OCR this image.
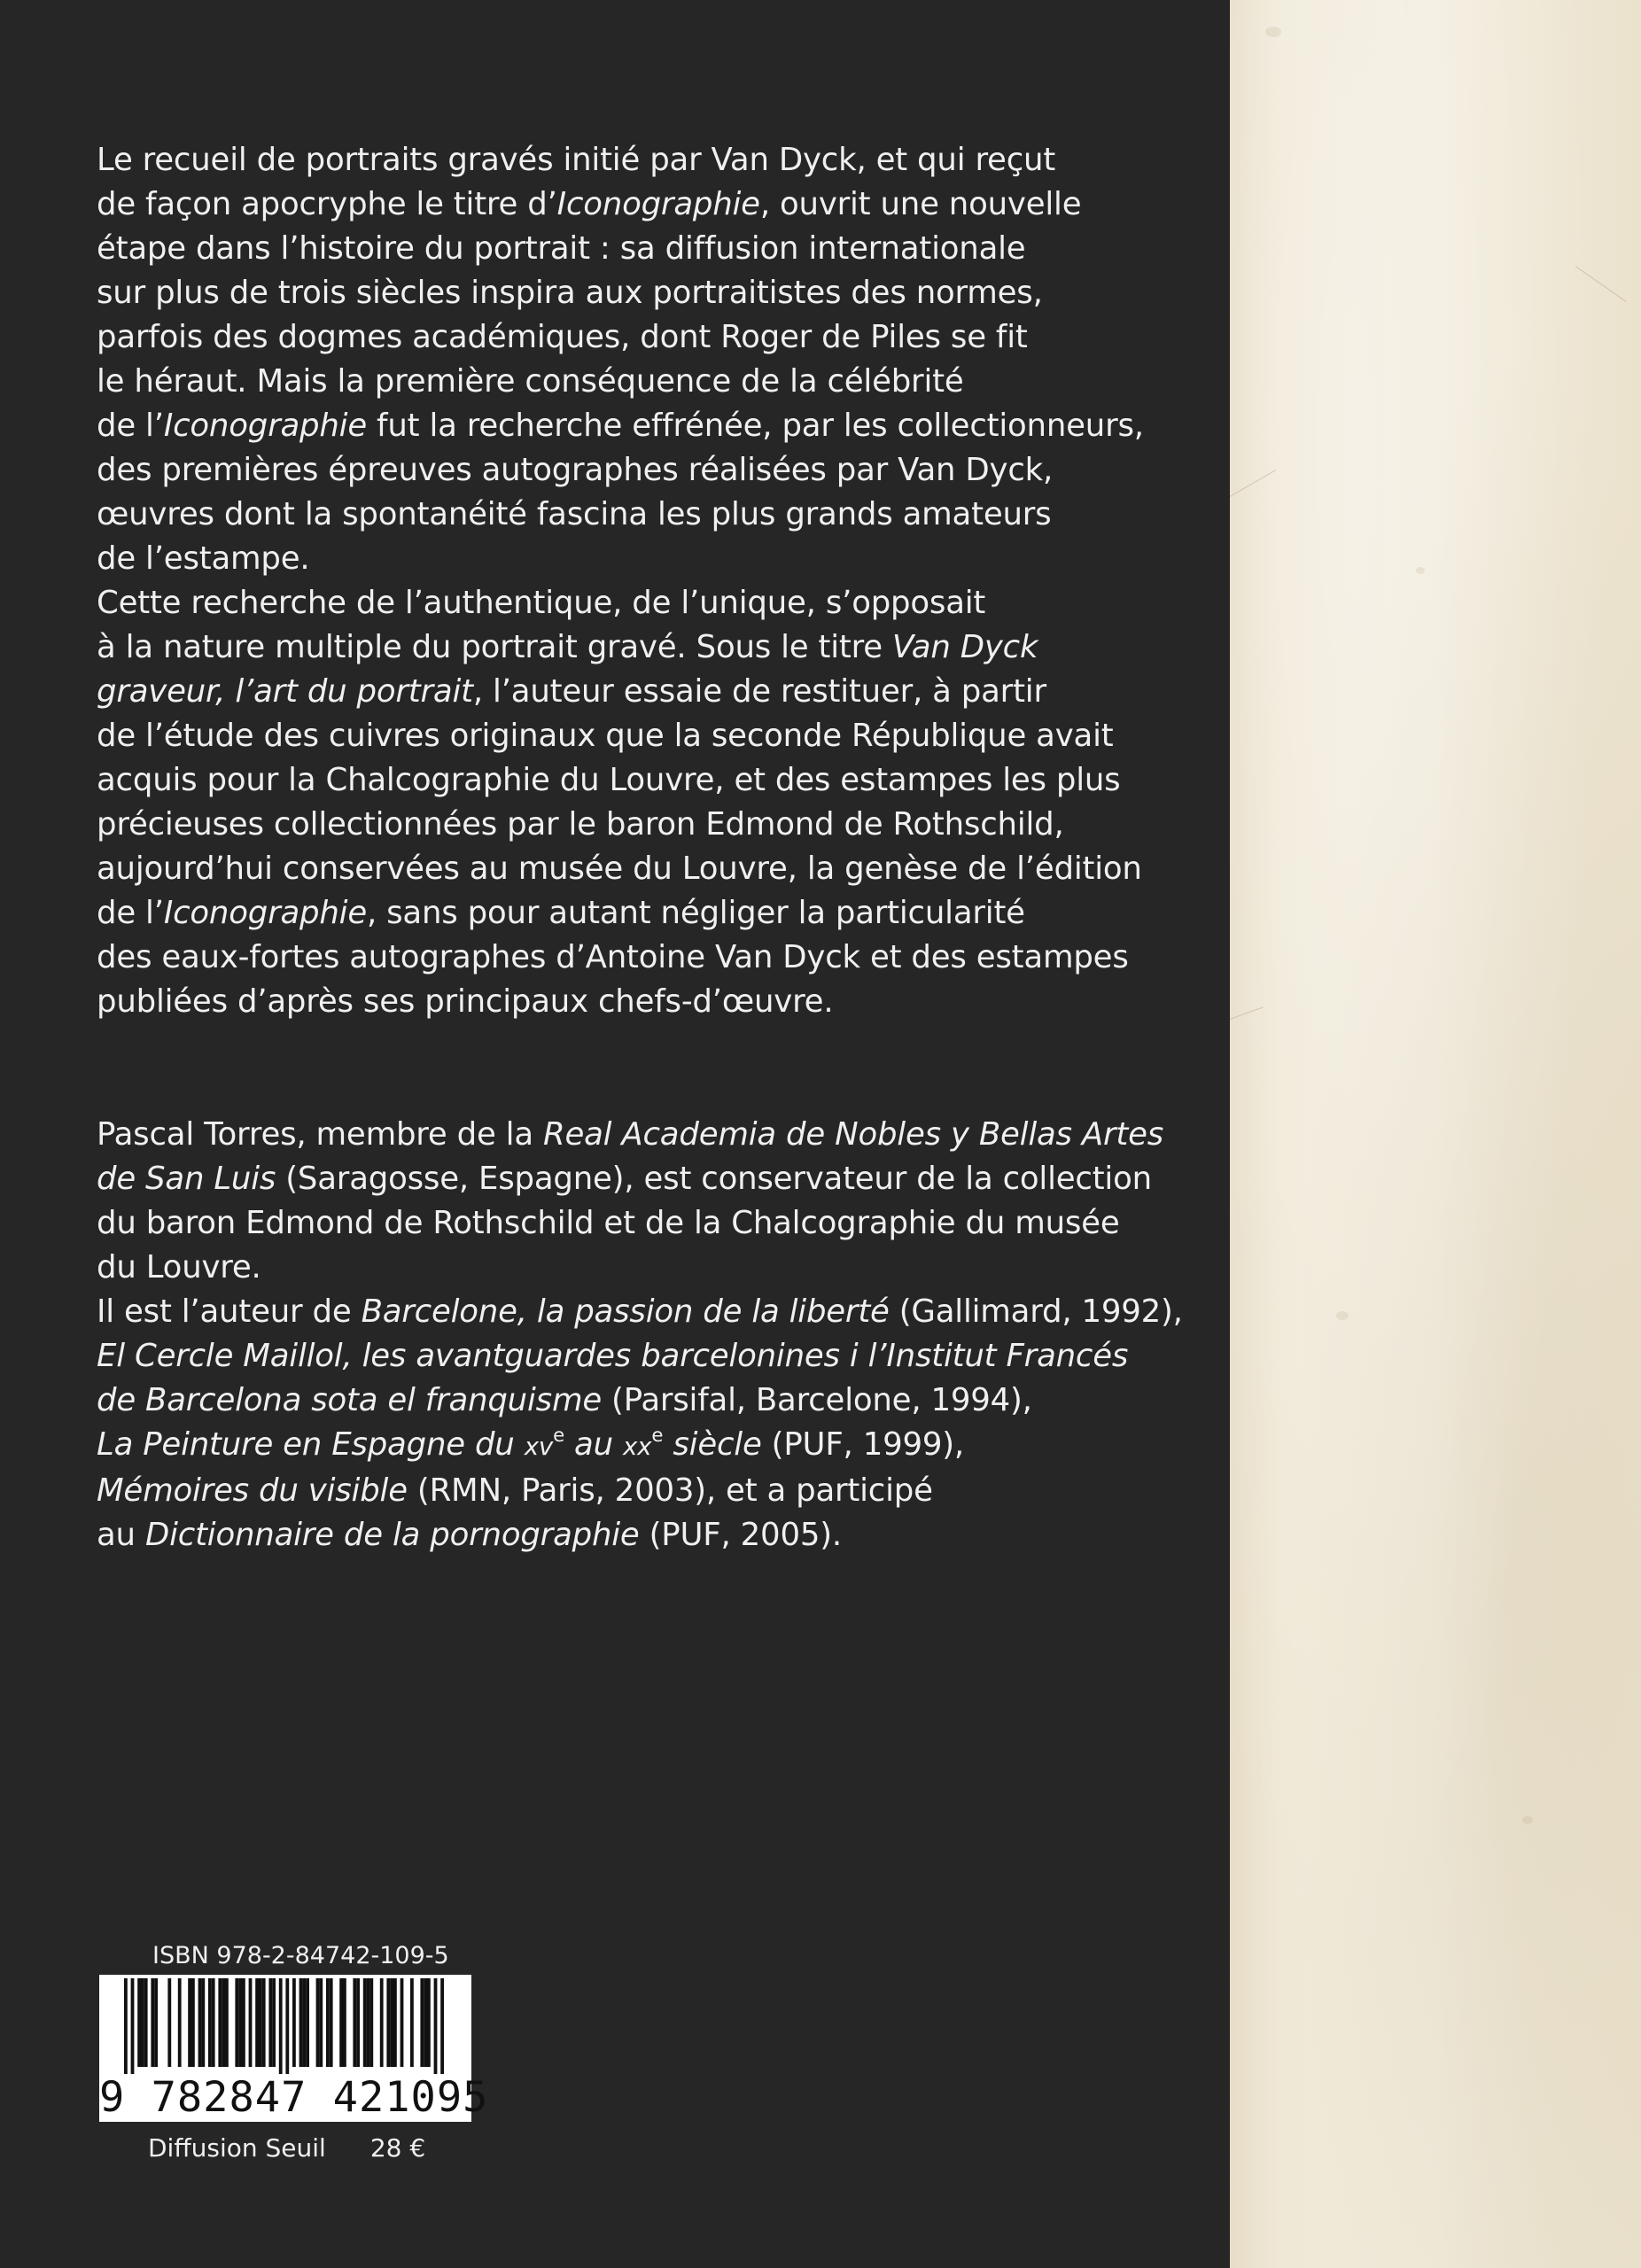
Le recueil de portraits gravés initié par Van Dyck, et qui reçut
de façon apocryphe le titre d’Iconographie, ouvrit une nouvelle
étape dans l’histoire du portrait : sa diffusion internationale
sur plus de trois siècles inspira aux portraitistes des normes,
parfois des dogmes académiques, dont Roger de Piles se fit
le héraut. Mais la première conséquence de la célébrité
de l’Iconographie fut la recherche effrénée, par les collectionneurs,
des premières épreuves autographes réalisées par Van Dyck,
œuvres dont la spontanéité fascina les plus grands amateurs
de l’estampe.
Cette recherche de l’authentique, de l’unique, s’opposait
à la nature multiple du portrait gravé. Sous le titre Van Dyck
graveur, l’art du portrait, l’auteur essaie de restituer, à partir
de l’étude des cuivres originaux que la seconde République avait
acquis pour la Chalcographie du Louvre, et des estampes les plus
précieuses collectionnées par le baron Edmond de Rothschild,
aujourd’hui conservées au musée du Louvre, la genèse de l’édition
de l’Iconographie, sans pour autant négliger la particularité
des eaux-fortes autographes d’Antoine Van Dyck et des estampes
publiées d’après ses principaux chefs-d’œuvre.
Pascal Torres, membre de la Real Academia de Nobles y Bellas Artes
de San Luis (Saragosse, Espagne), est conservateur de la collection
du baron Edmond de Rothschild et de la Chalcographie du musée
du Louvre.
Il est l’auteur de Barcelone, la passion de la liberté (Gallimard, 1992),
El Cercle Maillol, les avantguardes barcelonines i l’Institut Francés
de Barcelona sota el franquisme (Parsifal, Barcelone, 1994),
La Peinture en Espagne du $xv^e$ au $xx^e$ siècle (PUF, 1999),
Mémoires du visible (RMN, Paris, 2003), et a participé
au Dictionnaire de la pornographie (PUF, 2005).
ISBN 978-2-84742-109-5
9 782847 421095
Diffusion Seuil 28 €
